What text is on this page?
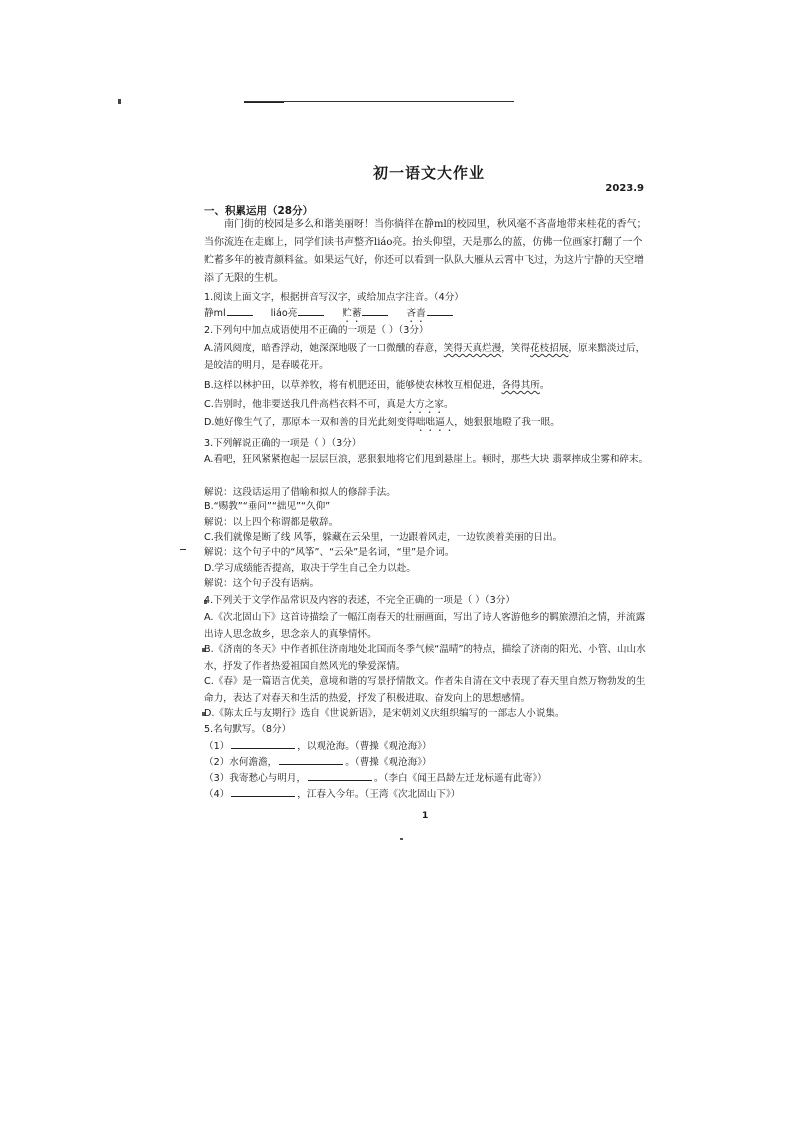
初一语文大作业
2023.9
一、积累运用（28分）
南门街的校园是多么和谐美丽呀！当你徜徉在静ml的校园里，秋风毫不吝啬地带来桂花的香气；当你流连在走廊上，同学们读书声整齐liáo亮。抬头仰望，天是那么的蓝，仿佛一位画家打翻了一个贮蓄多年的被青颜料盆。如果运气好，你还可以看到一队队大雁从云霄中飞过，为这片宁静的天空增添了无限的生机。
1.阅读上面文字，根据拼音写汉字，或给加点字注音。（4分）
静ml	liáo亮	贮蓄	吝啬
2.下列句中加点成语使用不正确的一项是（ ）（3分）
A.清风阅度，暗香浮动，她深深地吸了一口微醺的春意，笑得天真烂漫，笑得花枝招展，原来黯淡过后，是皎洁的明月，是春暖花开。
B.这样以林护田，以草养牧，将有机肥还田，能够使农林牧互相促进，各得其所。
C.告别时，他非要送我几件高档衣料不可，真是大方之家。
D.她好像生气了，那原本一双和善的目光此刻变得咄咄逼人，她狠狠地瞪了我一眼。
3.下列解说正确的一项是（ ）（3分）
A.看吧，狂风紧紧抱起一层层巨浪，恶狠狠地将它们甩到悬崖上。顿时，那些大块 翡翠摔成尘雾和碎末。
解说：这段话运用了借喻和拟人的修辞手法。
B.“赐教”“垂问”“拙见”“久仰”
解说：以上四个称谓都是敬辞。
C.我们就像是断了线 风筝，躲藏在云朵里，一边跟着风走，一边钦羡着美丽的日出。
解说：这个句子中的“风筝”、“云朵”是名词，“里”是介词。
D.学习成绩能否提高，取决于学生自己全力以赴。
解说：这个句子没有语病。
4.下列关于文学作品常识及内容的表述，不完全正确的一项是（ ）（3分）
A.《次北固山下》这首诗描绘了一幅江南春天的壮丽画面，写出了诗人客游他乡的羁旅漂泊之情，并流露出诗人思念故乡，思念亲人的真挚情怀。
B.《济南的冬天》中作者抓住济南地处北国而冬季气候“温晴”的特点，描绘了济南的阳光、小管、山山水水，抒发了作者热爱祖国自然风光的挚爱深情。
C.《春》是一篇语言优美，意境和谐的写景抒情散文。作者朱自清在文中表现了春天里自然万物勃发的生命力，表达了对春天和生活的热爱，抒发了积极进取、奋发向上的思想感情。
D.《陈太丘与友期行》选自《世说新语》，是宋朝刘义庆组织编写的一部志人小说集。
5.名句默写。（8分）
（1）	，以观沧海。（曹操《观沧海》）
（2）水何澹澹，	。（曹操《观沧海》）
（3）我寄愁心与明月，	。（李白《闻王昌龄左迁龙标遥有此寄》）
（4）	，江春入今年。（王湾《次北固山下》）
1
